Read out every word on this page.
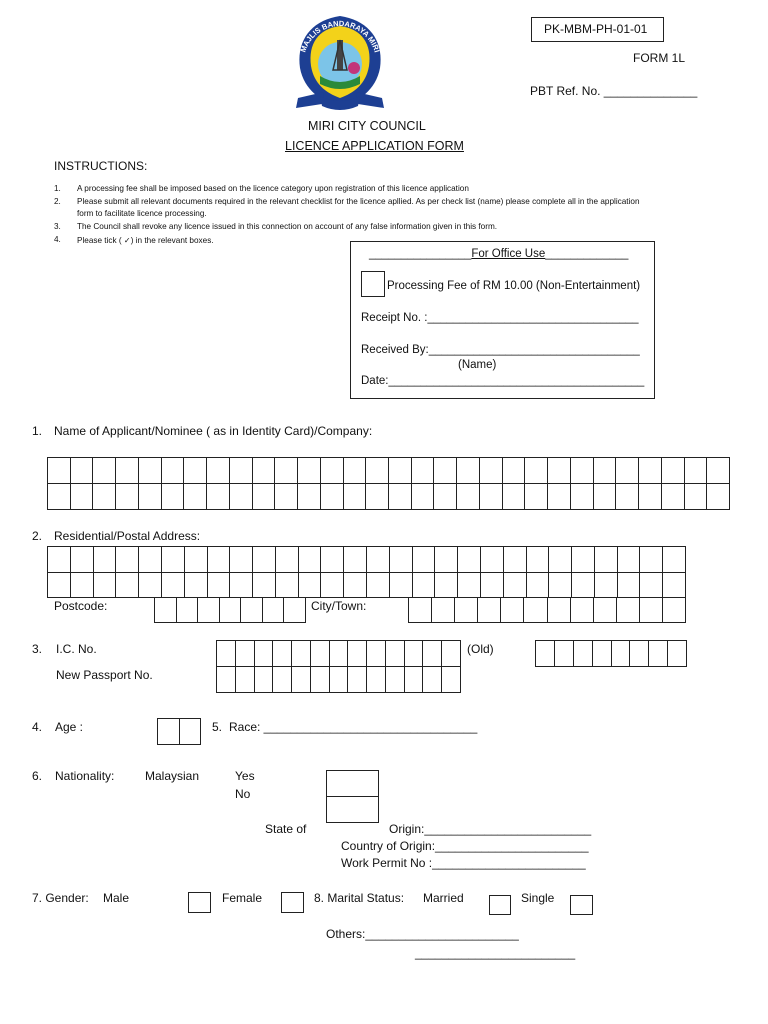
MAJLIS BANDARAYA MIRI
PK-MBM-PH-01-01
FORM 1L
PBT Ref. No. ______________
MIRI CITY COUNCIL
LICENCE APPLICATION FORM
INSTRUCTIONS:
1. A processing fee shall be imposed based on the licence category upon registration of this licence application
2. Please submit all relevant documents required in the relevant checklist for the licence apllied. As per check list (name) please complete all in the application
form to facilitate licence processing.
3. The Council shall revoke any licence issued in this connection on account of any false information given in this form.
4. Please tick ( ✓) in the relevant boxes.
________________For Office Use_____________
Processing Fee of RM 10.00 (Non-Entertainment)
Receipt No. :_________________________________
Received By:_________________________________
(Name)
Date:________________________________________
1. Name of Applicant/Nominee ( as in Identity Card)/Company:
2. Residential/Postal Address:
Postcode:	City/Town:
3. I.C. No.	(Old)
New Passport No.
4. Age :	5. Race: ________________________________
6. Nationality:	Malaysian	Yes
No
State of	Origin:_________________________
Country of Origin:_______________________
Work Permit No :_______________________
7. Gender: Male	Female	8. Marital Status: Married	Single
Others:_______________________
________________________
